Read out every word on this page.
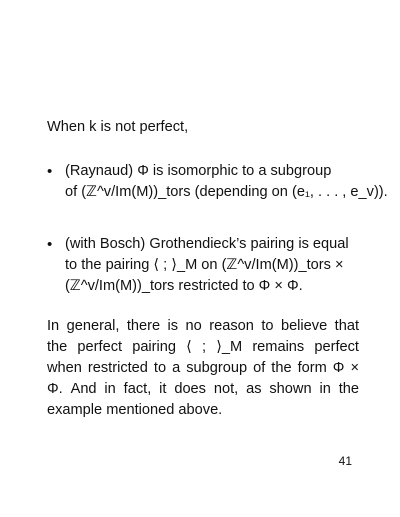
When k is not perfect,
• (Raynaud) Φ is isomorphic to a subgroup
of (ℤ^v/Im(M))_tors (depending on (e₁, . . . , e_v)).
• (with Bosch) Grothendieck’s pairing is equal
to the pairing ⟨ ; ⟩_M on (ℤ^v/Im(M))_tors ×
(ℤ^v/Im(M))_tors restricted to Φ × Φ.
In general, there is no reason to believe that
the perfect pairing ⟨ ; ⟩_M remains perfect
when restricted to a subgroup of the form Φ ×
Φ. And in fact, it does not, as shown in the
example mentioned above.
41
